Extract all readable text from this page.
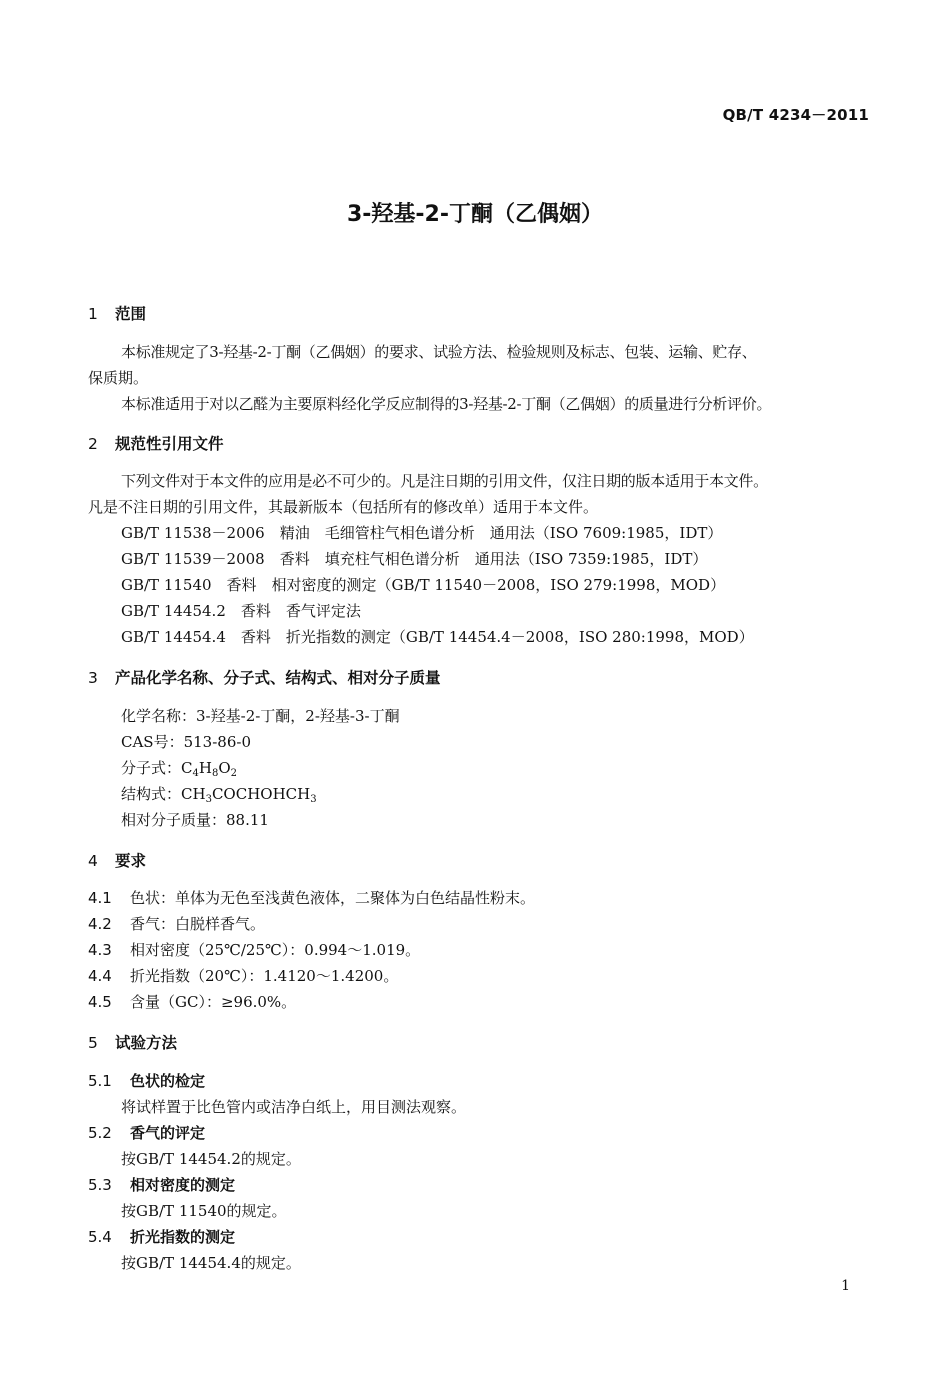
QB/T 4234－2011
3-羟基-2-丁酮（乙偶姻）
1 范围
本标准规定了3-羟基-2-丁酮（乙偶姻）的要求、试验方法、检验规则及标志、包装、运输、贮存、
保质期。
本标准适用于对以乙醛为主要原料经化学反应制得的3-羟基-2-丁酮（乙偶姻）的质量进行分析评价。
2 规范性引用文件
下列文件对于本文件的应用是必不可少的。凡是注日期的引用文件，仅注日期的版本适用于本文件。
凡是不注日期的引用文件，其最新版本（包括所有的修改单）适用于本文件。
GB/T 11538－2006　精油　毛细管柱气相色谱分析　通用法（ISO 7609:1985，IDT）
GB/T 11539－2008　香料　填充柱气相色谱分析　通用法（ISO 7359:1985，IDT）
GB/T 11540　香料　相对密度的测定（GB/T 11540－2008，ISO 279:1998，MOD）
GB/T 14454.2　香料　香气评定法
GB/T 14454.4　香料　折光指数的测定（GB/T 14454.4－2008，ISO 280:1998，MOD）
3 产品化学名称、分子式、结构式、相对分子质量
化学名称：3-羟基-2-丁酮，2-羟基-3-丁酮
CAS号：513-86-0
分子式：$C_4H_8O_2$
结构式：$CH_3COCHOHCH_3$
相对分子质量：88.11
4 要求
4.1 色状：单体为无色至浅黄色液体，二聚体为白色结晶性粉末。
4.2 香气：白脱样香气。
4.3 相对密度（25℃/25℃）：0.994～1.019。
4.4 折光指数（20℃）：1.4120～1.4200。
4.5 含量（GC）：≥96.0%。
5 试验方法
5.1 色状的检定
将试样置于比色管内或洁净白纸上，用目测法观察。
5.2 香气的评定
按GB/T 14454.2的规定。
5.3 相对密度的测定
按GB/T 11540的规定。
5.4 折光指数的测定
按GB/T 14454.4的规定。
1
